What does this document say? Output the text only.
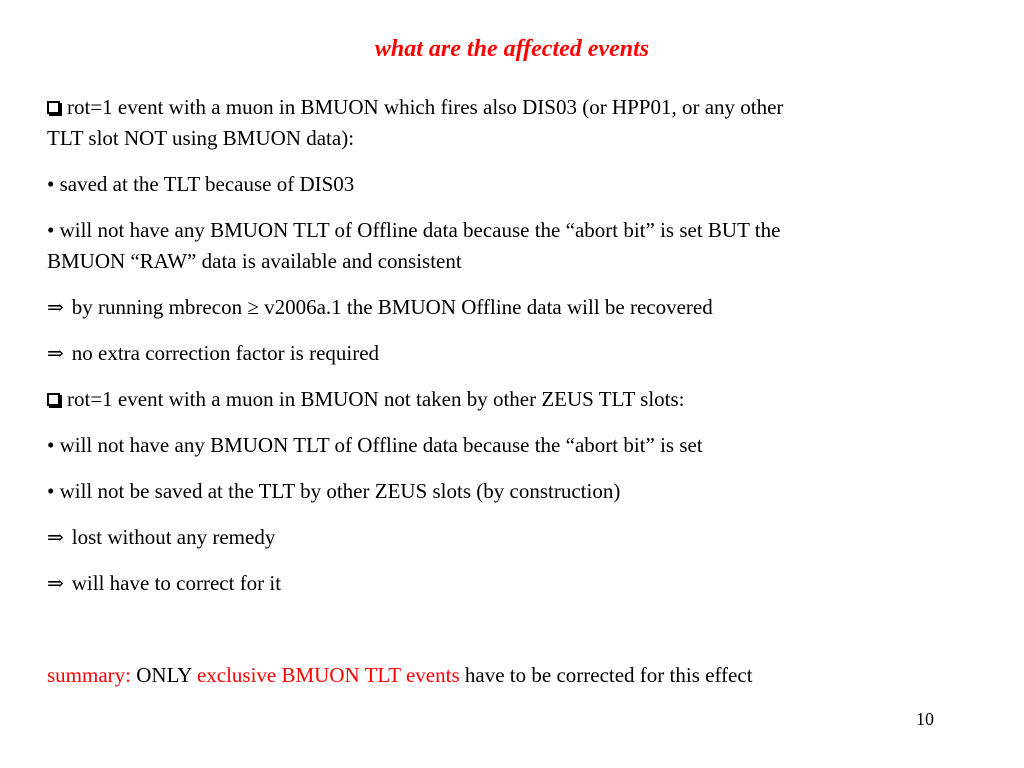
what are the affected events
rot=1 event with a muon in BMUON which fires also DIS03 (or HPP01, or any other
TLT slot NOT using BMUON data):
• saved at the TLT because of DIS03
• will not have any BMUON TLT of Offline data because the “abort bit” is set BUT the
BMUON “RAW” data is available and consistent
⇒ by running mbrecon ≥ v2006a.1 the BMUON Offline data will be recovered
⇒ no extra correction factor is required
rot=1 event with a muon in BMUON not taken by other ZEUS TLT slots:
• will not have any BMUON TLT of Offline data because the “abort bit” is set
• will not be saved at the TLT by other ZEUS slots (by construction)
⇒ lost without any remedy
⇒ will have to correct for it
summary: ONLY exclusive BMUON TLT events have to be corrected for this effect
10
